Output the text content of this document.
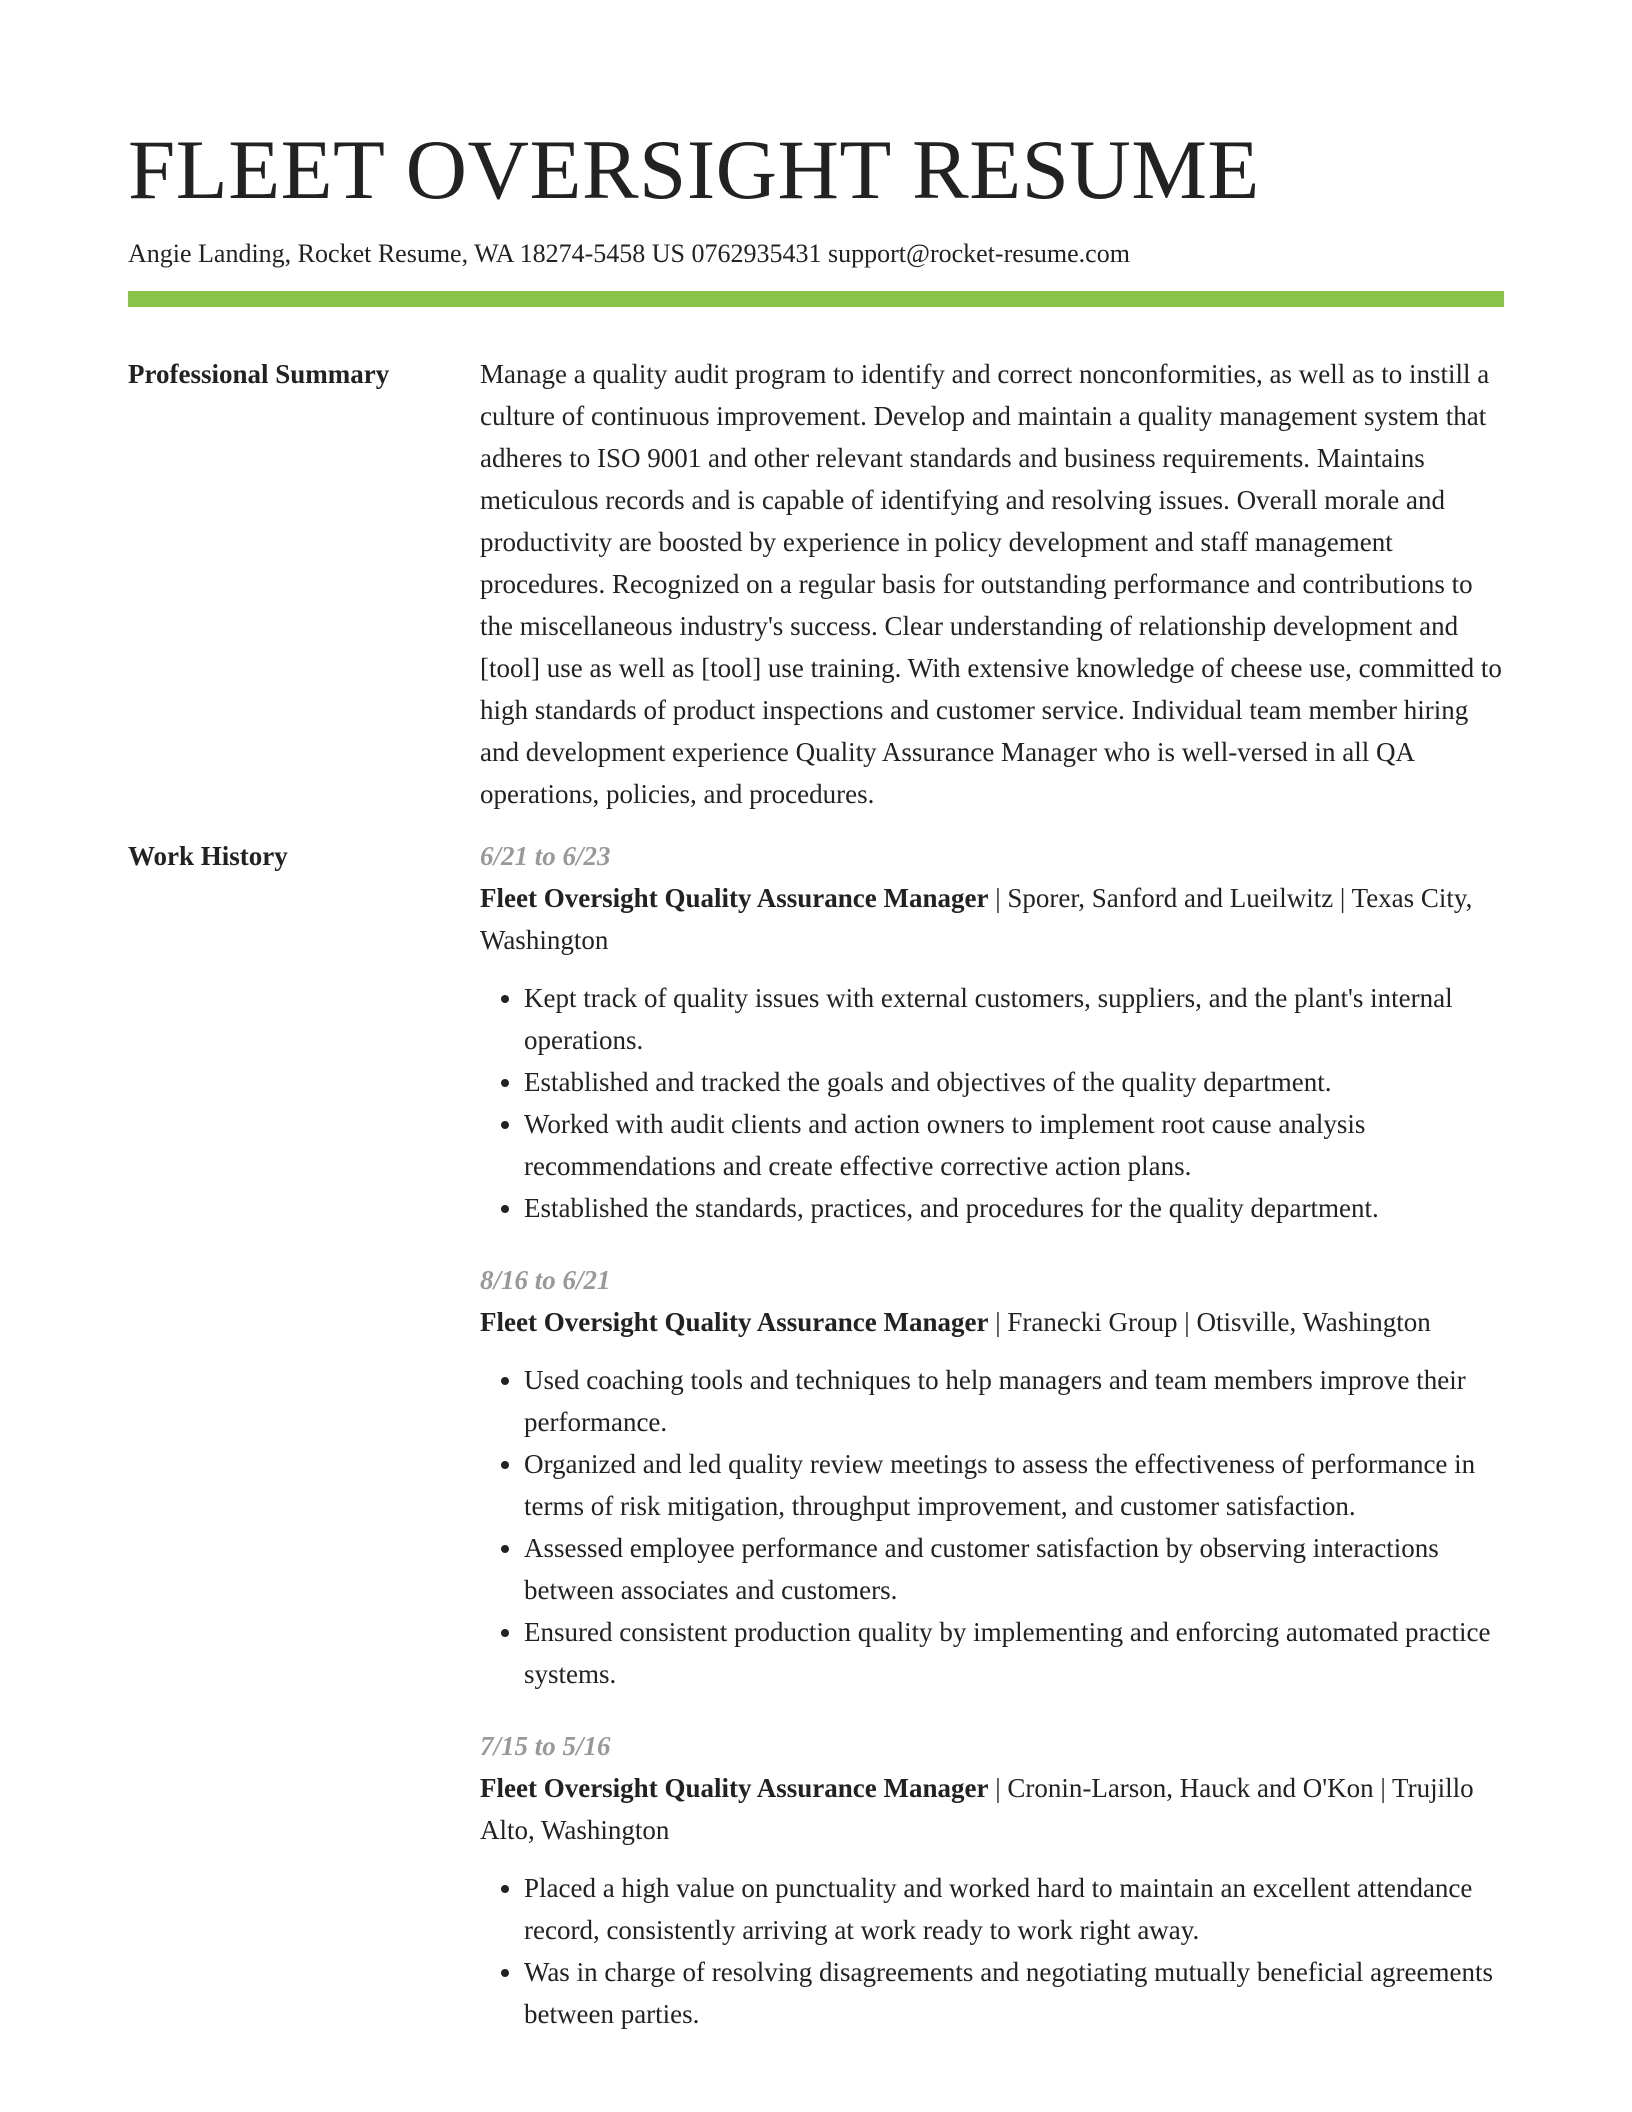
FLEET OVERSIGHT RESUME

Angie Landing, Rocket Resume, WA 18274-5458 US 0762935431 support@rocket-resume.com

Professional Summary	Manage a quality audit program to identify and correct nonconformities, as well as to instill a culture of continuous improvement. Develop and maintain a quality management system that adheres to ISO 9001 and other relevant standards and business requirements. Maintains meticulous records and is capable of identifying and resolving issues. Overall morale and productivity are boosted by experience in policy development and staff management procedures. Recognized on a regular basis for outstanding performance and contributions to the miscellaneous industry's success. Clear understanding of relationship development and [tool] use as well as [tool] use training. With extensive knowledge of cheese use, committed to high standards of product inspections and customer service. Individual team member hiring and development experience Quality Assurance Manager who is well-versed in all QA operations, policies, and procedures.

Work History	6/21 to 6/23

Fleet Oversight Quality Assurance Manager | Sporer, Sanford and Lueilwitz | Texas City, Washington

• Kept track of quality issues with external customers, suppliers, and the plant's internal operations.
• Established and tracked the goals and objectives of the quality department.
• Worked with audit clients and action owners to implement root cause analysis recommendations and create effective corrective action plans.
• Established the standards, practices, and procedures for the quality department.

8/16 to 6/21

Fleet Oversight Quality Assurance Manager | Franecki Group | Otisville, Washington

• Used coaching tools and techniques to help managers and team members improve their performance.
• Organized and led quality review meetings to assess the effectiveness of performance in terms of risk mitigation, throughput improvement, and customer satisfaction.
• Assessed employee performance and customer satisfaction by observing interactions between associates and customers.
• Ensured consistent production quality by implementing and enforcing automated practice systems.

7/15 to 5/16

Fleet Oversight Quality Assurance Manager | Cronin-Larson, Hauck and O'Kon | Trujillo Alto, Washington

• Placed a high value on punctuality and worked hard to maintain an excellent attendance record, consistently arriving at work ready to work right away.
• Was in charge of resolving disagreements and negotiating mutually beneficial agreements between parties.
